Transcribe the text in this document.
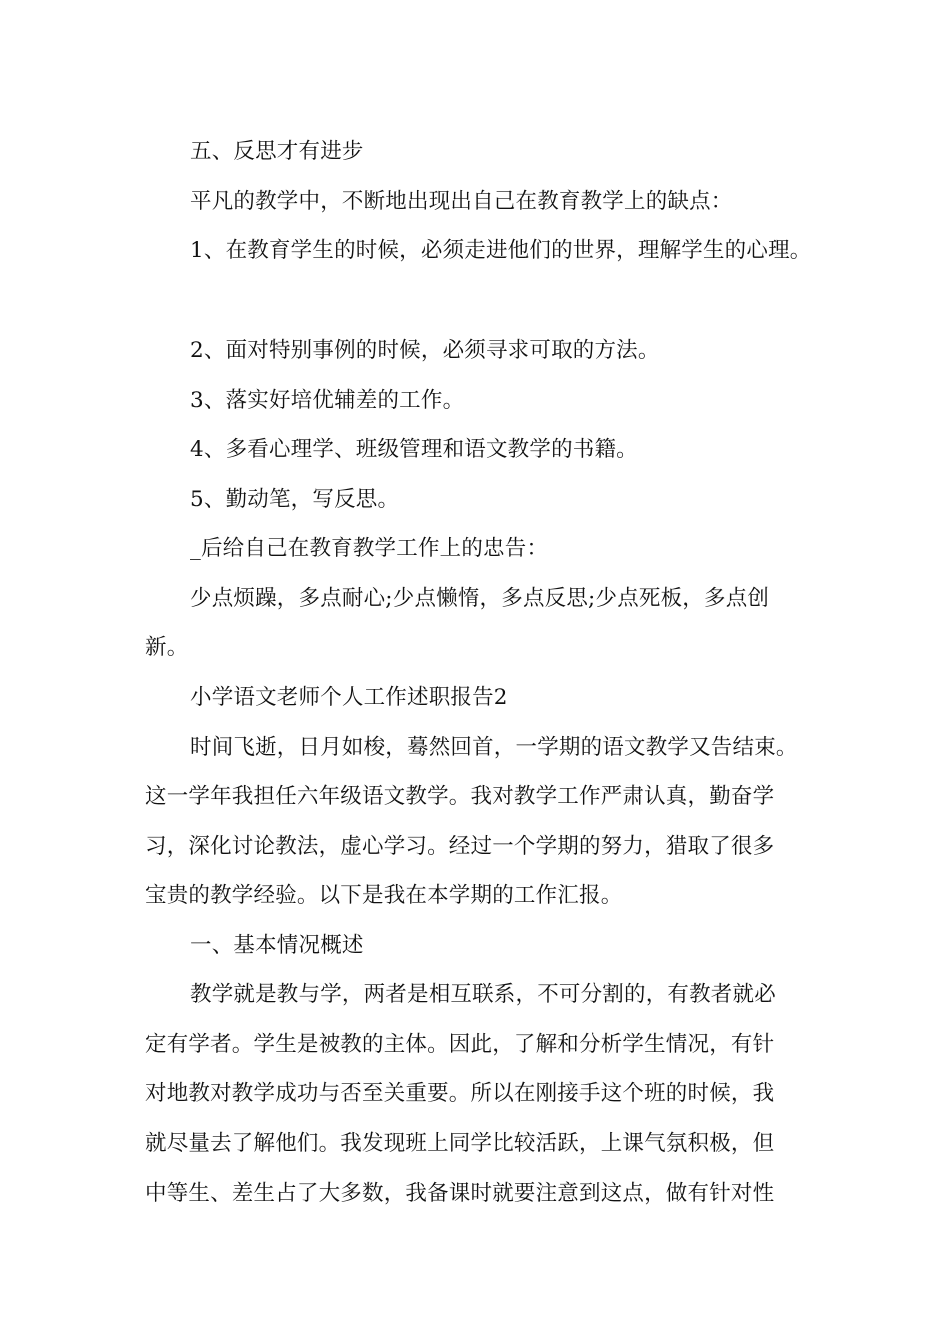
五、反思才有进步
平凡的教学中，不断地出现出自己在教育教学上的缺点：
1、在教育学生的时候，必须走进他们的世界，理解学生的心理。
2、面对特别事例的时候，必须寻求可取的方法。
3、落实好培优辅差的工作。
4、多看心理学、班级管理和语文教学的书籍。
5、勤动笔，写反思。
_后给自己在教育教学工作上的忠告：
少点烦躁，多点耐心;少点懒惰，多点反思;少点死板，多点创
新。
小学语文老师个人工作述职报告2
时间飞逝，日月如梭，蓦然回首，一学期的语文教学又告结束。
这一学年我担任六年级语文教学。我对教学工作严肃认真，勤奋学
习，深化讨论教法，虚心学习。经过一个学期的努力，猎取了很多
宝贵的教学经验。以下是我在本学期的工作汇报。
一、基本情况概述
教学就是教与学，两者是相互联系，不可分割的，有教者就必
定有学者。学生是被教的主体。因此，了解和分析学生情况，有针
对地教对教学成功与否至关重要。所以在刚接手这个班的时候，我
就尽量去了解他们。我发现班上同学比较活跃，上课气氛积极，但
中等生、差生占了大多数，我备课时就要注意到这点，做有针对性
